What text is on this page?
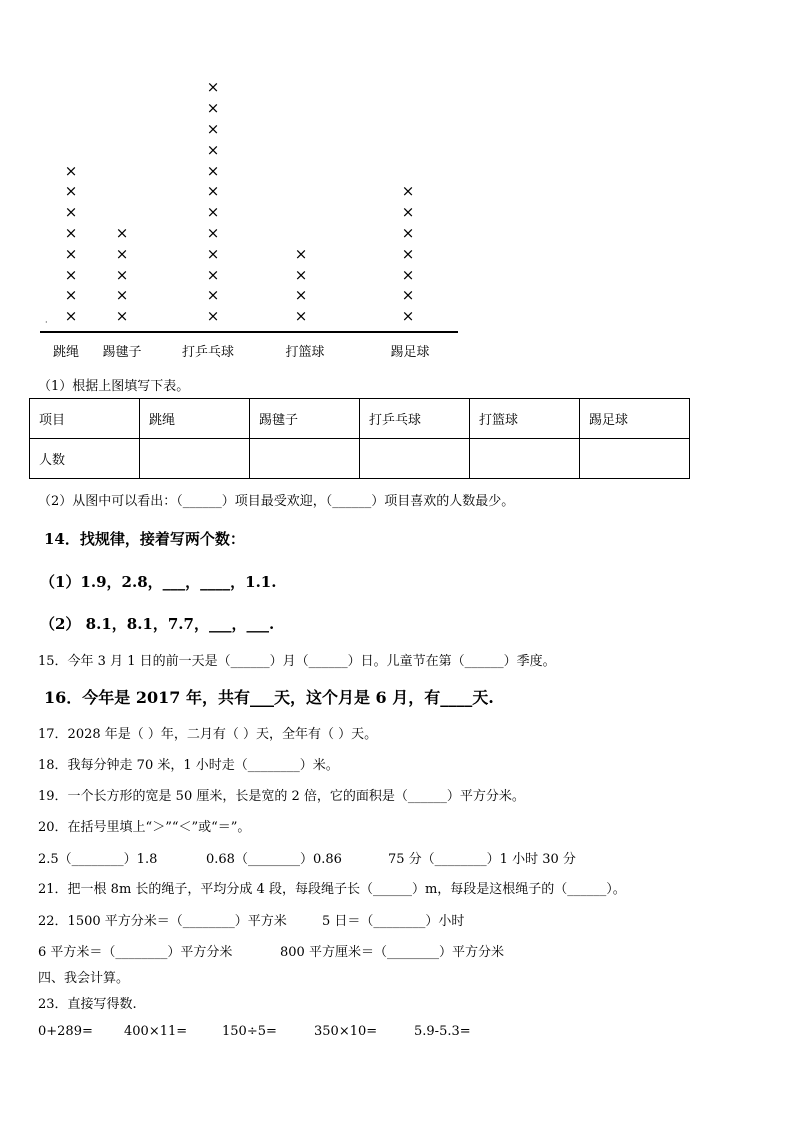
·
×
×
×
×
×
×
×
×
跳绳
×
×
×
×
×
踢毽子
×
×
×
×
×
×
×
×
×
×
×
×
打乒乓球
×
×
×
×
打篮球
×
×
×
×
×
×
×
踢足球
（1）根据上图填写下表。
项目	跳绳	踢毽子	打乒乓球	打篮球	踢足球
人数					
（2）从图中可以看出：（______）项目最受欢迎，（______）项目喜欢的人数最少。
14．找规律，接着写两个数：
（1）1.9，2.8，___，____，1.1.
（2） 8.1，8.1，7.7，___，___.
15．今年 3 月 1 日的前一天是（______）月（______）日。儿童节在第（______）季度。
16．今年是 2017 年，共有___天，这个月是 6 月，有____天.
17．2028 年是（ ）年，二月有（ ）天，全年有（ ）天。
18．我每分钟走 70 米，1 小时走（________）米。
19．一个长方形的宽是 50 厘米，长是宽的 2 倍，它的面积是（______）平方分米。
20．在括号里填上“＞”“＜”或“＝”。
2.5（________）1.8	0.68（________）0.86	75 分（________）1 小时 30 分
21．把一根 8m 长的绳子，平均分成 4 段，每段绳子长（______）m，每段是这根绳子的（______）。
22．1500 平方分米＝（________）平方米	5 日＝（________）小时
6 平方米＝（________）平方分米	800 平方厘米＝（________）平方分米
四、我会计算。
23．直接写得数.
0+289= 400×11=	150÷5=	350×10=	5.9-5.3=
